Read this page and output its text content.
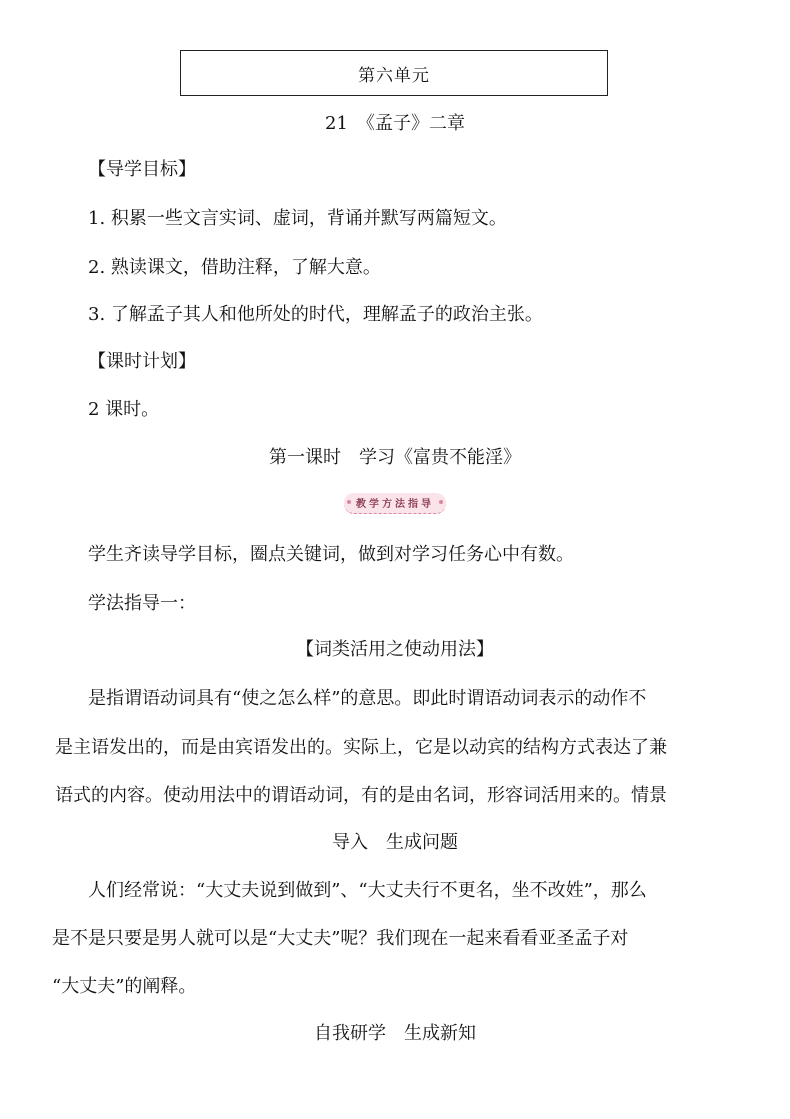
第六单元
21　《孟子》二章
【导学目标】
1. 积累一些文言实词、虚词，背诵并默写两篇短文。
2. 熟读课文，借助注释，了解大意。
3. 了解孟子其人和他所处的时代，理解孟子的政治主张。
【课时计划】
2 课时。
第一课时　学习《富贵不能淫》
教学方法指导
学生齐读导学目标，圈点关键词，做到对学习任务心中有数。
学法指导一：
【词类活用之使动用法】
　是指谓语动词具有“使之怎么样”的意思。即此时谓语动词表示的动作不
是主语发出的，而是由宾语发出的。实际上，它是以动宾的结构方式表达了兼
语式的内容。使动用法中的谓语动词，有的是由名词，形容词活用来的。情景
导入　生成问题
　人们经常说：“大丈夫说到做到”、“大丈夫行不更名，坐不改姓”，那么
是不是只要是男人就可以是“大丈夫”呢？我们现在一起来看看亚圣孟子对
“大丈夫”的阐释。
自我研学　生成新知
